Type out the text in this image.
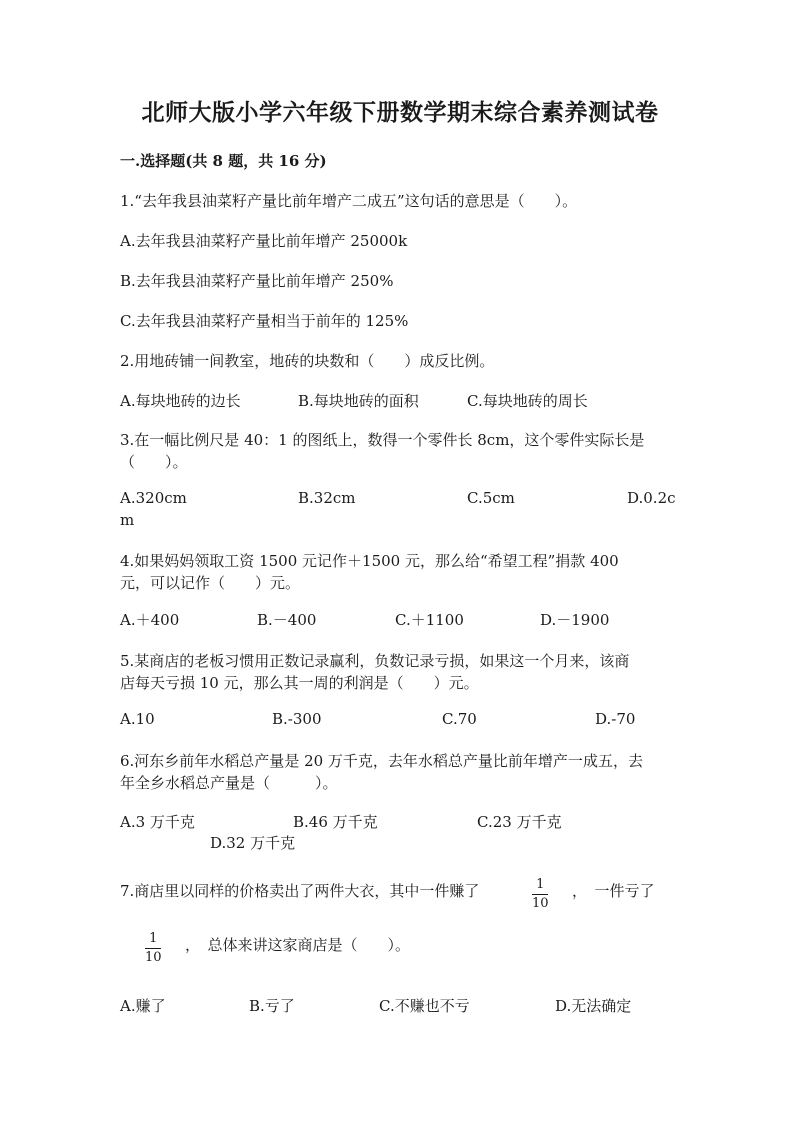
北师大版小学六年级下册数学期末综合素养测试卷
一.选择题(共 8 题，共 16 分)
1.“去年我县油菜籽产量比前年增产二成五”这句话的意思是（　　）。
A.去年我县油菜籽产量比前年增产 25000k
B.去年我县油菜籽产量比前年增产 250%
C.去年我县油菜籽产量相当于前年的 125%
2.用地砖铺一间教室，地砖的块数和（　　）成反比例。
A.每块地砖的边长	B.每块地砖的面积	C.每块地砖的周长
3.在一幅比例尺是 40：1 的图纸上，数得一个零件长 8cm，这个零件实际长是
（　　）。
A.320cm	B.32cm	C.5cm	D.0.2c
m
4.如果妈妈领取工资 1500 元记作＋1500 元，那么给“希望工程”捐款 400
元，可以记作（　　）元。
A.＋400	B.－400	C.＋1100	D.－1900
5.某商店的老板习惯用正数记录赢利，负数记录亏损，如果这一个月来，该商
店每天亏损 10 元，那么其一周的利润是（　　）元。
A.10	B.-300	C.70	D.-70
6.河东乡前年水稻总产量是 20 万千克，去年水稻总产量比前年增产一成五，去
年全乡水稻总产量是（　　　）。
A.3 万千克	B.46 万千克	C.23 万千克
D.32 万千克
7.商店里以同样的价格卖出了两件大衣，其中一件赚了	1
10
，　一件亏了
1
10
，　总体来讲这家商店是（　　）。
A.赚了	B.亏了	C.不赚也不亏	D.无法确定
